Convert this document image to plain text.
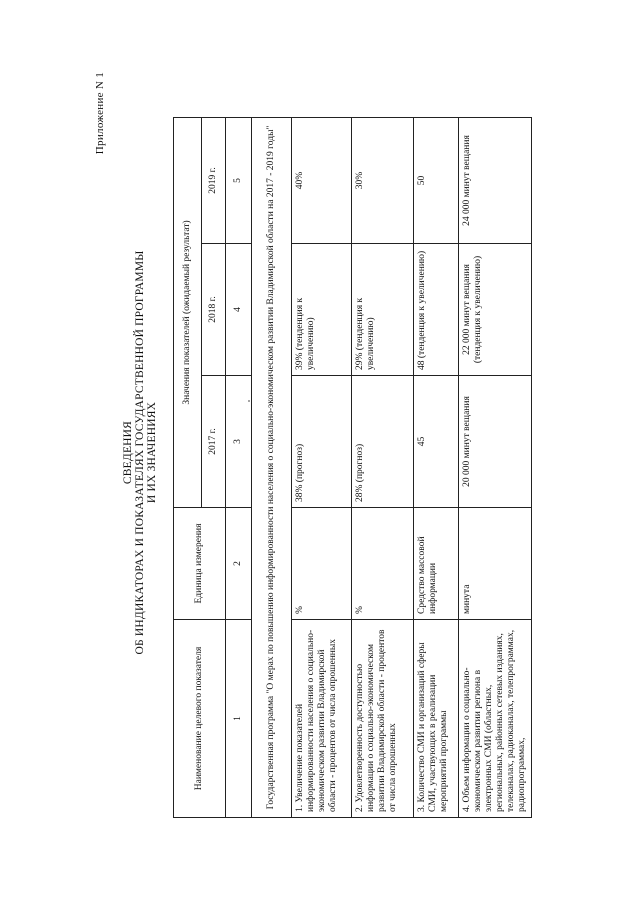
Приложение N 1
СВЕДЕНИЯ ОБ ИНДИКАТОРАХ И ПОКАЗАТЕЛЯХ ГОСУДАРСТВЕННОЙ ПРОГРАММЫ И ИХ ЗНАЧЕНИЯХ
Наименование целевого показателя	Единица измерения	Значения показателей (ожидаемый результат)		
		2017 г.	2018 г.	2019 г.
1	2	3	4	5
Государственная программа "О мерах по повышению информированности населения о социально-экономическом развитии Владимирской области на 2017 - 2019 годы"				
1. Увеличение показателей информированности населения о социально-экономическом развитии Владимирской области - процентов от числа опрошенных	%	38% (прогноз)	39% (тенденция к увеличению)	40%
2. Удовлетворенность доступностью информации о социально-экономическом развитии Владимирской области - процентов от числа опрошенных	%	28% (прогноз)	29% (тенденция к увеличению)	30%
3. Количество СМИ и организаций сферы СМИ, участвующих в реализации мероприятий программы	Средство массовой информации	45	48 (тенденция к увеличению)	50
4. Объем информации о социально-экономическом развитии региона в электронных СМИ (областных, региональных, районных сетевых изданиях, телеканалах, радиоканалах, телепрограммах, радиопрограммах,	минута	20 000 минут вещания	22 000 минут вещания (тенденция к увеличению)	24 000 минут вещания
